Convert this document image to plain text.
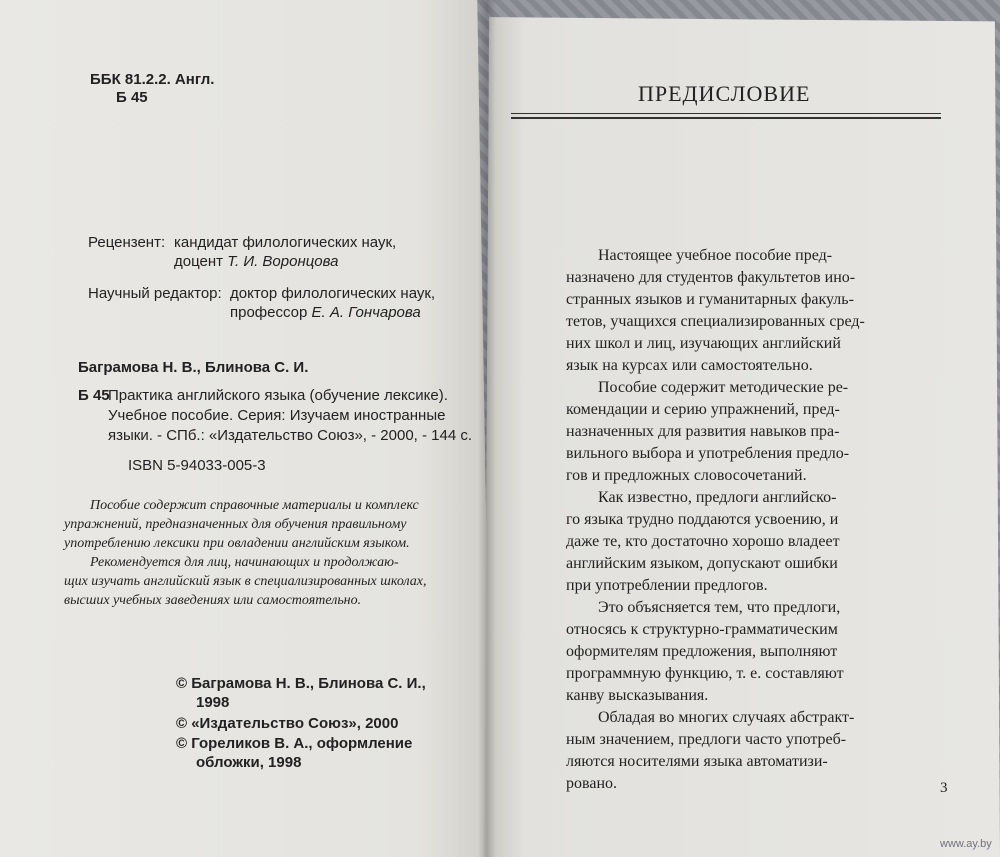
ББК 81.2.2. Англ.
Б 45
Рецензент: кандидат филологических наук,
доцент Т. И. Воронцова
Научный редактор: доктор филологических наук,
профессор Е. А. Гончарова
Баграмова Н. В., Блинова С. И.
Б 45
Практика английского языка (обучение лексике).
Учебное пособие. Серия: Изучаем иностранные
языки. - СПб.: «Издательство Союз», - 2000, - 144 с.
ISBN 5-94033-005-3
Пособие содержит справочные материалы и комплекс
упражнений, предназначенных для обучения правильному
употреблению лексики при овладении английским языком.
Рекомендуется для лиц, начинающих и продолжаю-
щих изучать английский язык в специализированных школах,
высших учебных заведениях или самостоятельно.
© Баграмова Н. В., Блинова С. И.,
1998
© «Издательство Союз», 2000
© Гореликов В. А., оформление
обложки, 1998
ПРЕДИСЛОВИЕ
Настоящее учебное пособие пред-
назначено для студентов факультетов ино-
странных языков и гуманитарных факуль-
тетов, учащихся специализированных сред-
них школ и лиц, изучающих английский
язык на курсах или самостоятельно.
Пособие содержит методические ре-
комендации и серию упражнений, пред-
назначенных для развития навыков пра-
вильного выбора и употребления предло-
гов и предложных словосочетаний.
Как известно, предлоги английско-
го языка трудно поддаются усвоению, и
даже те, кто достаточно хорошо владеет
английским языком, допускают ошибки
при употреблении предлогов.
Это объясняется тем, что предлоги,
относясь к структурно-грамматическим
оформителям предложения, выполняют
программную функцию, т. е. составляют
канву высказывания.
Обладая во многих случаях абстракт-
ным значением, предлоги часто употреб-
ляются носителями языка автоматизи-
ровано.	3
www.ay.by
